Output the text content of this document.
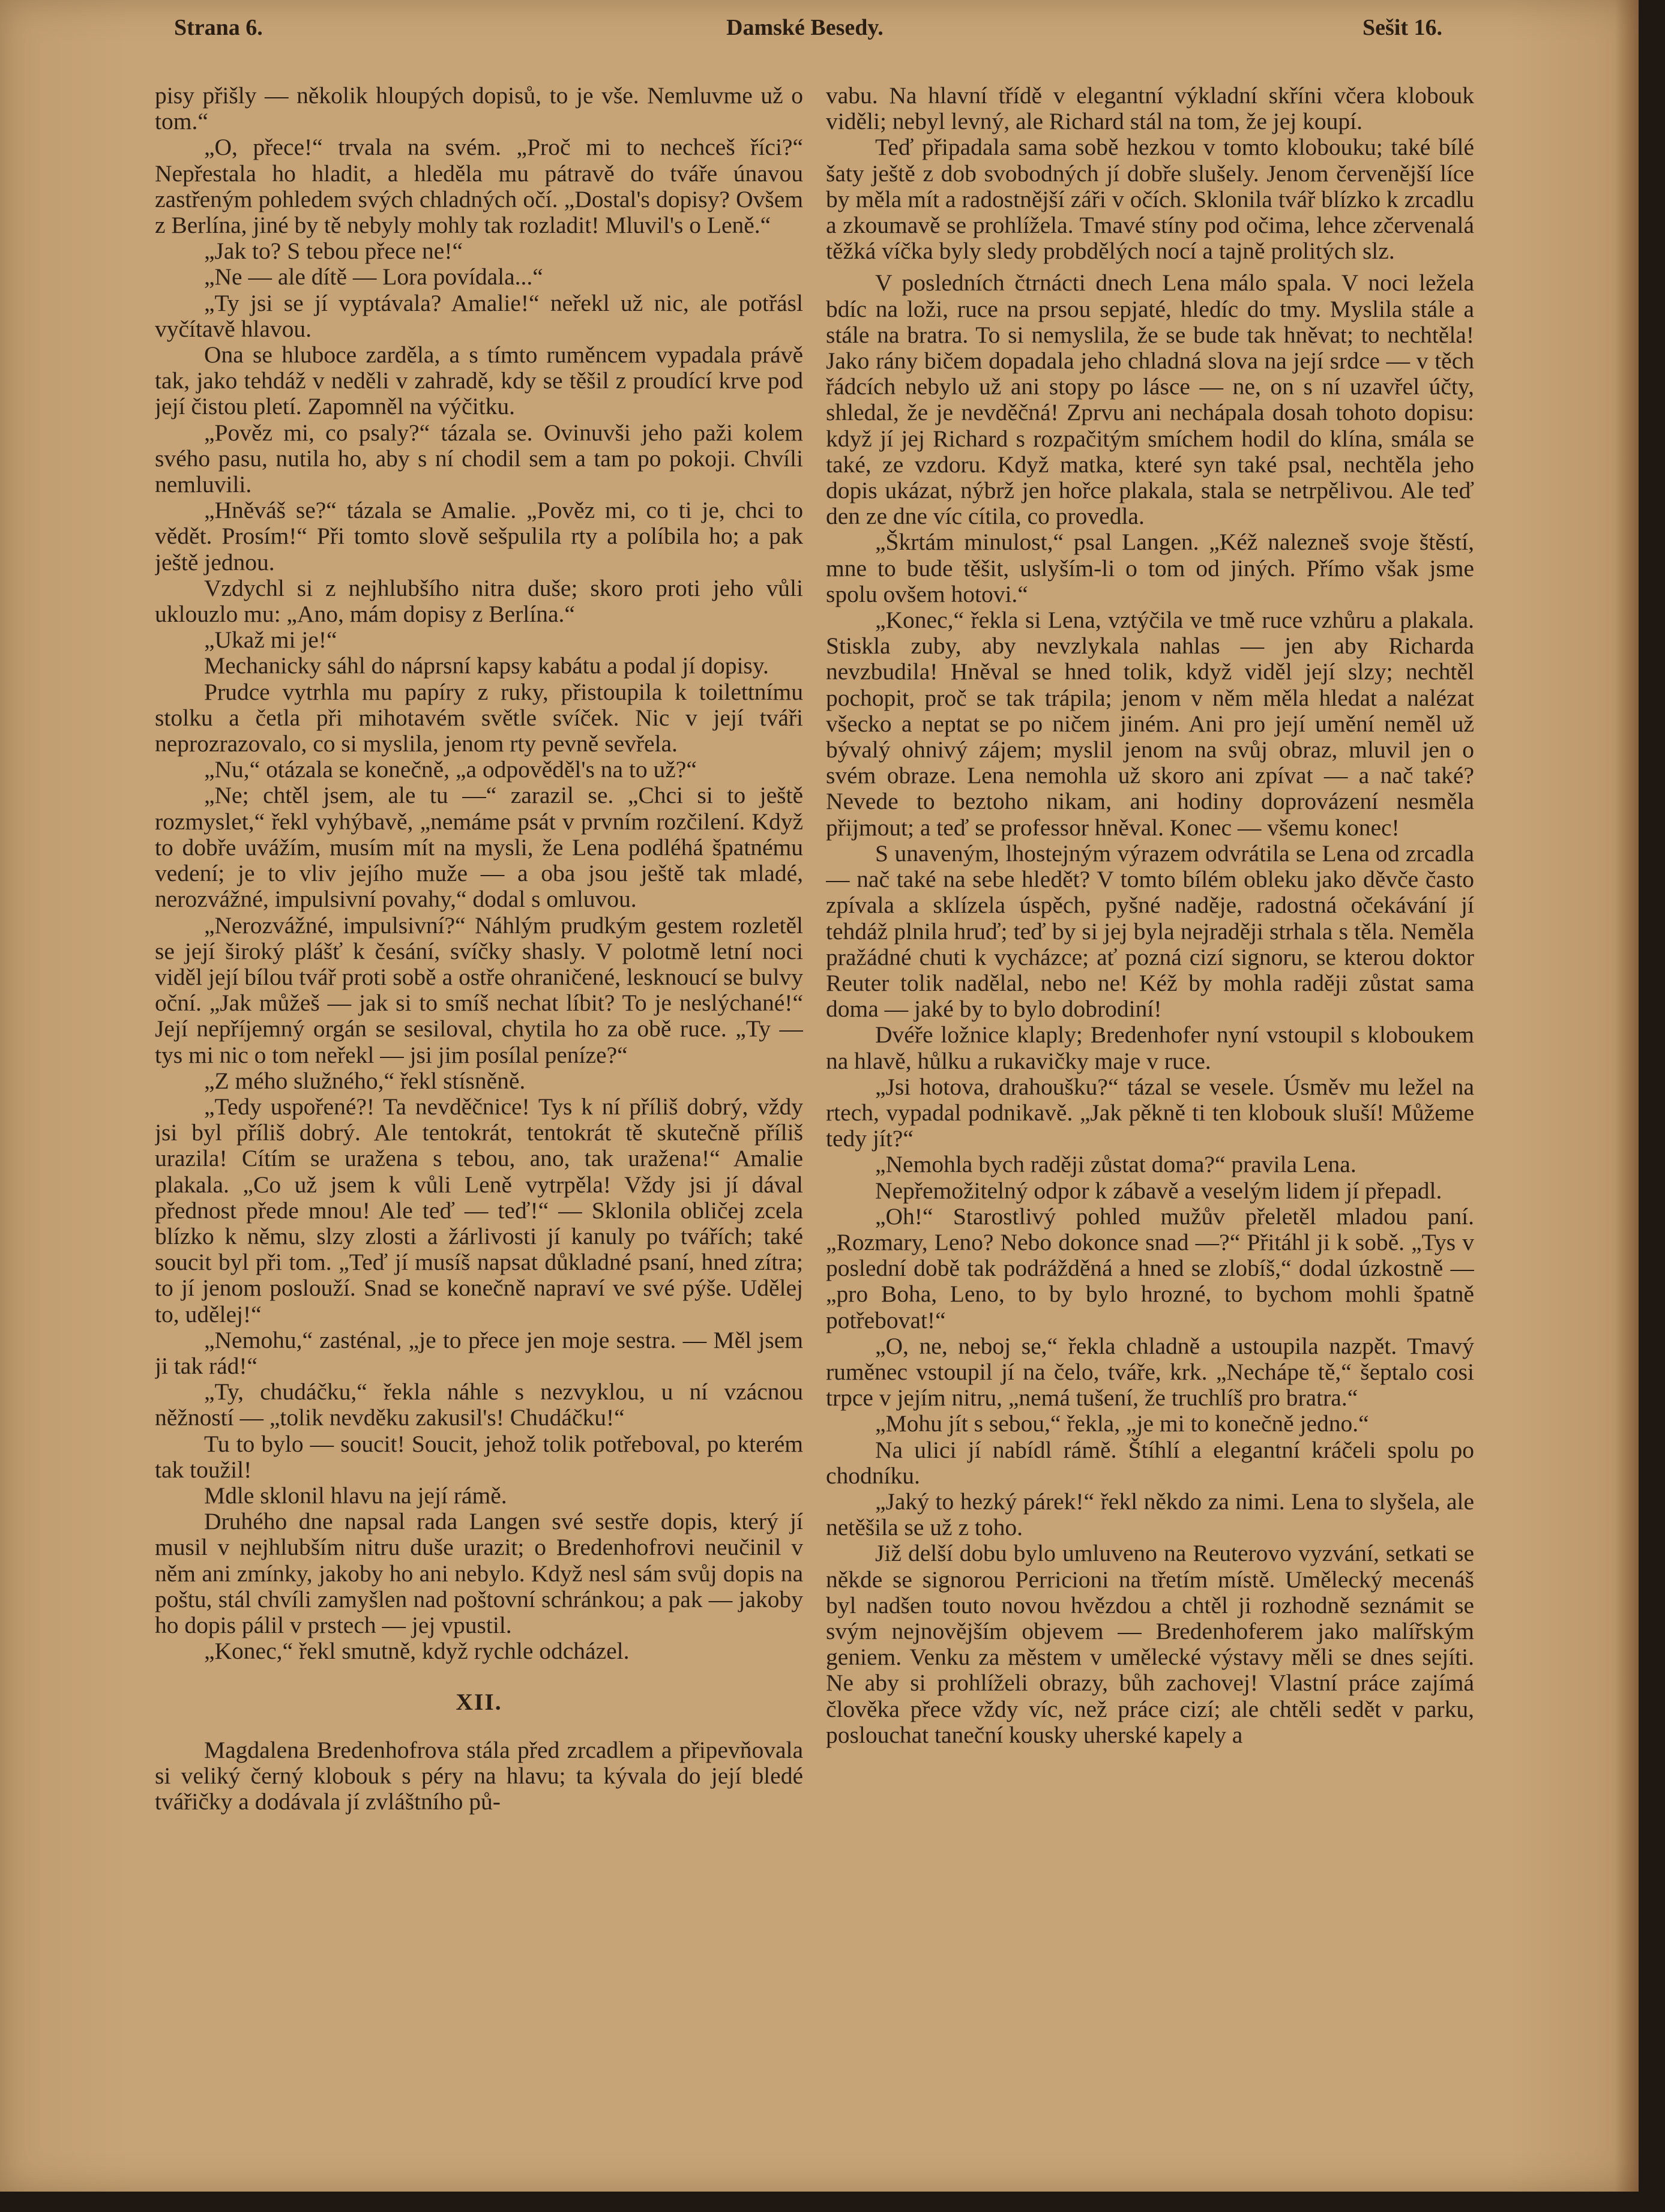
Strana 6.	Damské Besedy.	Sešit 16.

pisy přišly — několik hloupých dopisů, to je vše. Nemluvme už o tom.“

„O, přece!“ trvala na svém. „Proč mi to nechceš říci?“ Nepřestala ho hladit, a hleděla mu pátravě do tváře únavou zastřeným pohledem svých chladných očí. „Dostal's dopisy? Ovšem z Berlína, jiné by tě nebyly mohly tak rozladit! Mluvil's o Leně.“

„Jak to? S tebou přece ne!“

„Ne — ale dítě — Lora povídala...“

„Ty jsi se jí vyptávala? Amalie!“ neřekl už nic, ale potřásl vyčítavě hlavou.

Ona se hluboce zarděla, a s tímto ruměncem vypadala právě tak, jako tehdáž v neděli v zahradě, kdy se těšil z proudící krve pod její čistou pletí. Zapomněl na výčitku.

„Pověz mi, co psaly?“ tázala se. Ovinuvši jeho paži kolem svého pasu, nutila ho, aby s ní chodil sem a tam po pokoji. Chvíli nemluvili.

„Hněváš se?“ tázala se Amalie. „Pověz mi, co ti je, chci to vědět. Prosím!“ Při tomto slově sešpulila rty a políbila ho; a pak ještě jednou.

Vzdychl si z nejhlubšího nitra duše; skoro proti jeho vůli uklouzlo mu: „Ano, mám dopisy z Berlína.“

„Ukaž mi je!“

Mechanicky sáhl do náprsní kapsy kabátu a podal jí dopisy.

Prudce vytrhla mu papíry z ruky, přistoupila k toilettnímu stolku a četla při mihotavém světle svíček. Nic v její tváři neprozrazovalo, co si myslila, jenom rty pevně sevřela.

„Nu,“ otázala se konečně, „a odpověděl's na to už?“

„Ne; chtěl jsem, ale tu —“ zarazil se. „Chci si to ještě rozmyslet,“ řekl vyhýbavě, „nemáme psát v prvním rozčilení. Když to dobře uvážím, musím mít na mysli, že Lena podléhá špatnému vedení; je to vliv jejího muže — a oba jsou ještě tak mladé, nerozvážné, impulsivní povahy,“ dodal s omluvou.

„Nerozvážné, impulsivní?“ Náhlým prudkým gestem rozletěl se její široký plášť k česání, svíčky shasly. V polotmě letní noci viděl její bílou tvář proti sobě a ostře ohraničené, lesknoucí se bulvy oční. „Jak můžeš — jak si to smíš nechat líbit? To je neslýchané!“ Její nepříjemný orgán se sesiloval, chytila ho za obě ruce. „Ty — tys mi nic o tom neřekl — jsi jim posílal peníze?“

„Z mého služného,“ řekl stísněně.

„Tedy uspořené?! Ta nevděčnice! Tys k ní příliš dobrý, vždy jsi byl příliš dobrý. Ale tentokrát, tentokrát tě skutečně příliš urazila! Cítím se uražena s tebou, ano, tak uražena!“ Amalie plakala. „Co už jsem k vůli Leně vytrpěla! Vždy jsi jí dával přednost přede mnou! Ale teď — teď!“ — Sklonila obličej zcela blízko k němu, slzy zlosti a žárlivosti jí kanuly po tvářích; také soucit byl při tom. „Teď jí musíš napsat důkladné psaní, hned zítra; to jí jenom poslouží. Snad se konečně napraví ve své pýše. Udělej to, udělej!“

„Nemohu,“ zasténal, „je to přece jen moje sestra. — Měl jsem ji tak rád!“

„Ty, chudáčku,“ řekla náhle s nezvyklou, u ní vzácnou něžností — „tolik nevděku zakusil's! Chudáčku!“

Tu to bylo — soucit! Soucit, jehož tolik potřeboval, po kterém tak toužil!

Mdle sklonil hlavu na její rámě.

Druhého dne napsal rada Langen své sestře dopis, který jí musil v nejhlubším nitru duše urazit; o Bredenhofrovi neučinil v něm ani zmínky, jakoby ho ani nebylo. Když nesl sám svůj dopis na poštu, stál chvíli zamyšlen nad poštovní schránkou; a pak — jakoby ho dopis pálil v prstech — jej vpustil.

„Konec,“ řekl smutně, když rychle odcházel.

XII.

Magdalena Bredenhofrova stála před zrcadlem a připevňovala si veliký černý klobouk s péry na hlavu; ta kývala do její bledé tvářičky a dodávala jí zvláštního pů-

vabu. Na hlavní třídě v elegantní výkladní skříni včera klobouk viděli; nebyl levný, ale Richard stál na tom, že jej koupí.

Teď připadala sama sobě hezkou v tomto klobouku; také bílé šaty ještě z dob svobodných jí dobře slušely. Jenom červenější líce by měla mít a radostnější záři v očích. Sklonila tvář blízko k zrcadlu a zkoumavě se prohlížela. Tmavé stíny pod očima, lehce zčervenalá těžká víčka byly sledy probdělých nocí a tajně prolitých slz.

V posledních čtrnácti dnech Lena málo spala. V noci ležela bdíc na loži, ruce na prsou sepjaté, hledíc do tmy. Myslila stále a stále na bratra. To si nemyslila, že se bude tak hněvat; to nechtěla! Jako rány bičem dopadala jeho chladná slova na její srdce — v těch řádcích nebylo už ani stopy po lásce — ne, on s ní uzavřel účty, shledal, že je nevděčná! Zprvu ani nechápala dosah tohoto dopisu: když jí jej Richard s rozpačitým smíchem hodil do klína, smála se také, ze vzdoru. Když matka, které syn také psal, nechtěla jeho dopis ukázat, nýbrž jen hořce plakala, stala se netrpělivou. Ale teď den ze dne víc cítila, co provedla.

„Škrtám minulost,“ psal Langen. „Kéž nalezneš svoje štěstí, mne to bude těšit, uslyším-li o tom od jiných. Přímo však jsme spolu ovšem hotovi.“

„Konec,“ řekla si Lena, vztýčila ve tmě ruce vzhůru a plakala. Stiskla zuby, aby nevzlykala nahlas — jen aby Richarda nevzbudila! Hněval se hned tolik, když viděl její slzy; nechtěl pochopit, proč se tak trápila; jenom v něm měla hledat a nalézat všecko a neptat se po ničem jiném. Ani pro její umění neměl už bývalý ohnivý zájem; myslil jenom na svůj obraz, mluvil jen o svém obraze. Lena nemohla už skoro ani zpívat — a nač také? Nevede to beztoho nikam, ani hodiny doprovázení nesměla přijmout; a teď se professor hněval. Konec — všemu konec!

S unaveným, lhostejným výrazem odvrátila se Lena od zrcadla — nač také na sebe hledět? V tomto bílém obleku jako děvče často zpívala a sklízela úspěch, pyšné naděje, radostná očekávání jí tehdáž plnila hruď; teď by si jej byla nejraději strhala s těla. Neměla pražádné chuti k vycházce; ať pozná cizí signoru, se kterou doktor Reuter tolik nadělal, nebo ne! Kéž by mohla raději zůstat sama doma — jaké by to bylo dobrodiní!

Dvéře ložnice klaply; Bredenhofer nyní vstoupil s kloboukem na hlavě, hůlku a rukavičky maje v ruce.

„Jsi hotova, drahoušku?“ tázal se vesele. Úsměv mu ležel na rtech, vypadal podnikavě. „Jak pěkně ti ten klobouk sluší! Můžeme tedy jít?“

„Nemohla bych raději zůstat doma?“ pravila Lena.

Nepřemožitelný odpor k zábavě a veselým lidem jí přepadl.

„Oh!“ Starostlivý pohled mužův přeletěl mladou paní. „Rozmary, Leno? Nebo dokonce snad —?“ Přitáhl ji k sobě. „Tys v poslední době tak podrážděná a hned se zlobíš,“ dodal úzkostně — „pro Boha, Leno, to by bylo hrozné, to bychom mohli špatně potřebovat!“

„O, ne, neboj se,“ řekla chladně a ustoupila nazpět. Tmavý ruměnec vstoupil jí na čelo, tváře, krk. „Nechápe tě,“ šeptalo cosi trpce v jejím nitru, „nemá tušení, že truchlíš pro bratra.“

„Mohu jít s sebou,“ řekla, „je mi to konečně jedno.“

Na ulici jí nabídl rámě. Štíhlí a elegantní kráčeli spolu po chodníku.

„Jaký to hezký párek!“ řekl někdo za nimi. Lena to slyšela, ale netěšila se už z toho.

Již delší dobu bylo umluveno na Reuterovo vyzvání, setkati se někde se signorou Perricioni na třetím místě. Umělecký mecenáš byl nadšen touto novou hvězdou a chtěl ji rozhodně seznámit se svým nejnovějším objevem — Bredenhoferem jako malířským geniem. Venku za městem v umělecké výstavy měli se dnes sejíti. Ne aby si prohlíželi obrazy, bůh zachovej! Vlastní práce zajímá člověka přece vždy víc, než práce cizí; ale chtěli sedět v parku, poslouchat taneční kousky uherské kapely a
